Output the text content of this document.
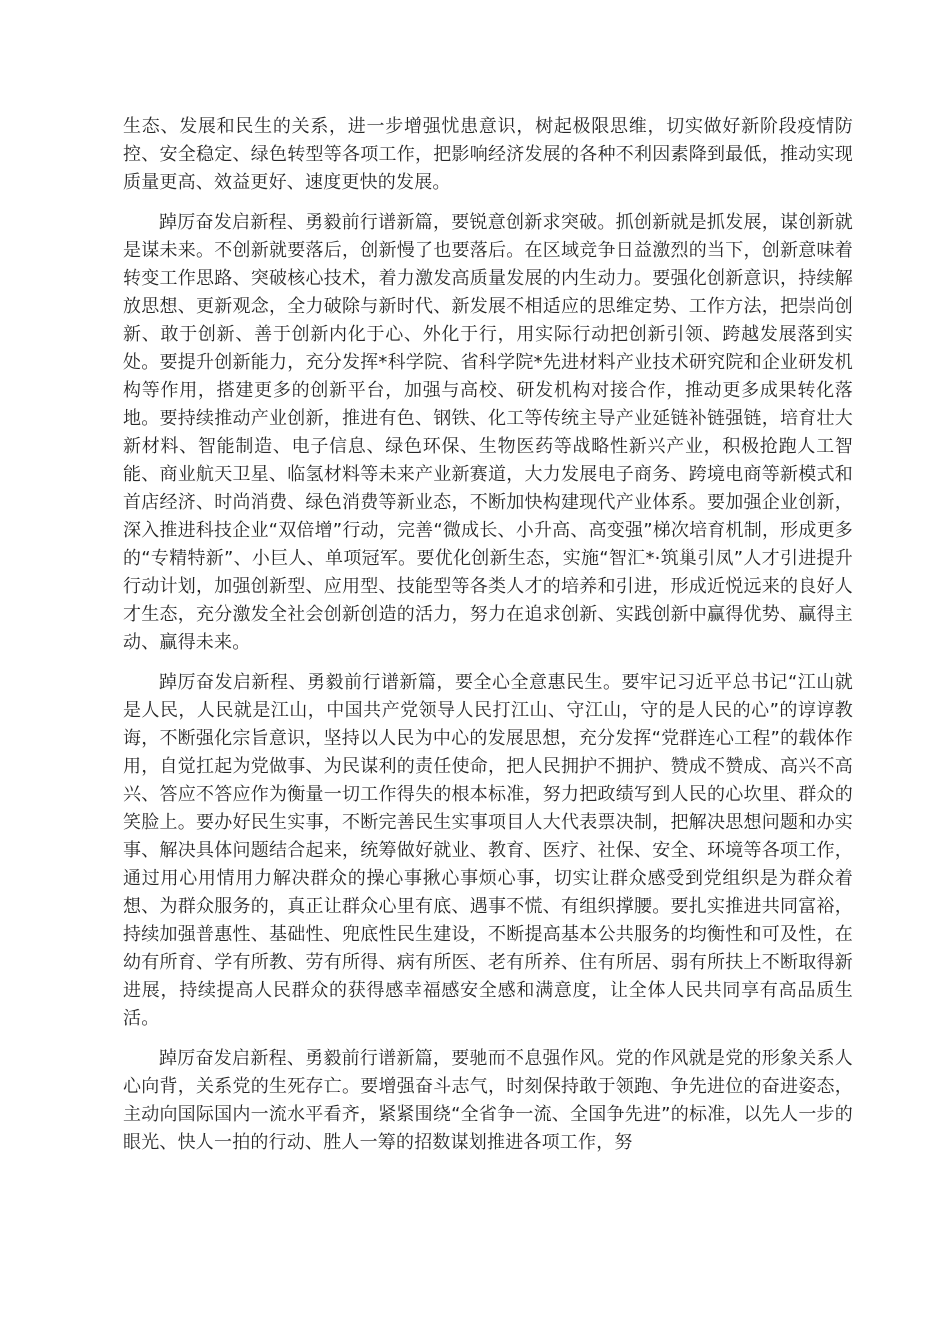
生态、发展和民生的关系，进一步增强忧患意识，树起极限思维，切实做好新阶段疫情防控、安全稳定、绿色转型等各项工作，把影响经济发展的各种不利因素降到最低，推动实现质量更高、效益更好、速度更快的发展。

踔厉奋发启新程、勇毅前行谱新篇，要锐意创新求突破。抓创新就是抓发展，谋创新就是谋未来。不创新就要落后，创新慢了也要落后。在区域竞争日益激烈的当下，创新意味着转变工作思路、突破核心技术，着力激发高质量发展的内生动力。要强化创新意识，持续解放思想、更新观念，全力破除与新时代、新发展不相适应的思维定势、工作方法，把崇尚创新、敢于创新、善于创新内化于心、外化于行，用实际行动把创新引领、跨越发展落到实处。要提升创新能力，充分发挥*科学院、省科学院*先进材料产业技术研究院和企业研发机构等作用，搭建更多的创新平台，加强与高校、研发机构对接合作，推动更多成果转化落地。要持续推动产业创新，推进有色、钢铁、化工等传统主导产业延链补链强链，培育壮大新材料、智能制造、电子信息、绿色环保、生物医药等战略性新兴产业，积极抢跑人工智能、商业航天卫星、临氢材料等未来产业新赛道，大力发展电子商务、跨境电商等新模式和首店经济、时尚消费、绿色消费等新业态，不断加快构建现代产业体系。要加强企业创新，深入推进科技企业“双倍增”行动，完善“微成长、小升高、高变强”梯次培育机制，形成更多的“专精特新”、小巨人、单项冠军。要优化创新生态，实施“智汇*·筑巢引凤”人才引进提升行动计划，加强创新型、应用型、技能型等各类人才的培养和引进，形成近悦远来的良好人才生态，充分激发全社会创新创造的活力，努力在追求创新、实践创新中赢得优势、赢得主动、赢得未来。

踔厉奋发启新程、勇毅前行谱新篇，要全心全意惠民生。要牢记习近平总书记“江山就是人民，人民就是江山，中国共产党领导人民打江山、守江山，守的是人民的心”的谆谆教诲，不断强化宗旨意识，坚持以人民为中心的发展思想，充分发挥“党群连心工程”的载体作用，自觉扛起为党做事、为民谋利的责任使命，把人民拥护不拥护、赞成不赞成、高兴不高兴、答应不答应作为衡量一切工作得失的根本标准，努力把政绩写到人民的心坎里、群众的笑脸上。要办好民生实事，不断完善民生实事项目人大代表票决制，把解决思想问题和办实事、解决具体问题结合起来，统筹做好就业、教育、医疗、社保、安全、环境等各项工作，通过用心用情用力解决群众的操心事揪心事烦心事，切实让群众感受到党组织是为群众着想、为群众服务的，真正让群众心里有底、遇事不慌、有组织撑腰。要扎实推进共同富裕，持续加强普惠性、基础性、兜底性民生建设，不断提高基本公共服务的均衡性和可及性，在幼有所育、学有所教、劳有所得、病有所医、老有所养、住有所居、弱有所扶上不断取得新进展，持续提高人民群众的获得感幸福感安全感和满意度，让全体人民共同享有高品质生活。

踔厉奋发启新程、勇毅前行谱新篇，要驰而不息强作风。党的作风就是党的形象关系人心向背，关系党的生死存亡。要增强奋斗志气，时刻保持敢于领跑、争先进位的奋进姿态，主动向国际国内一流水平看齐，紧紧围绕“全省争一流、全国争先进”的标准，以先人一步的眼光、快人一拍的行动、胜人一筹的招数谋划推进各项工作，努
